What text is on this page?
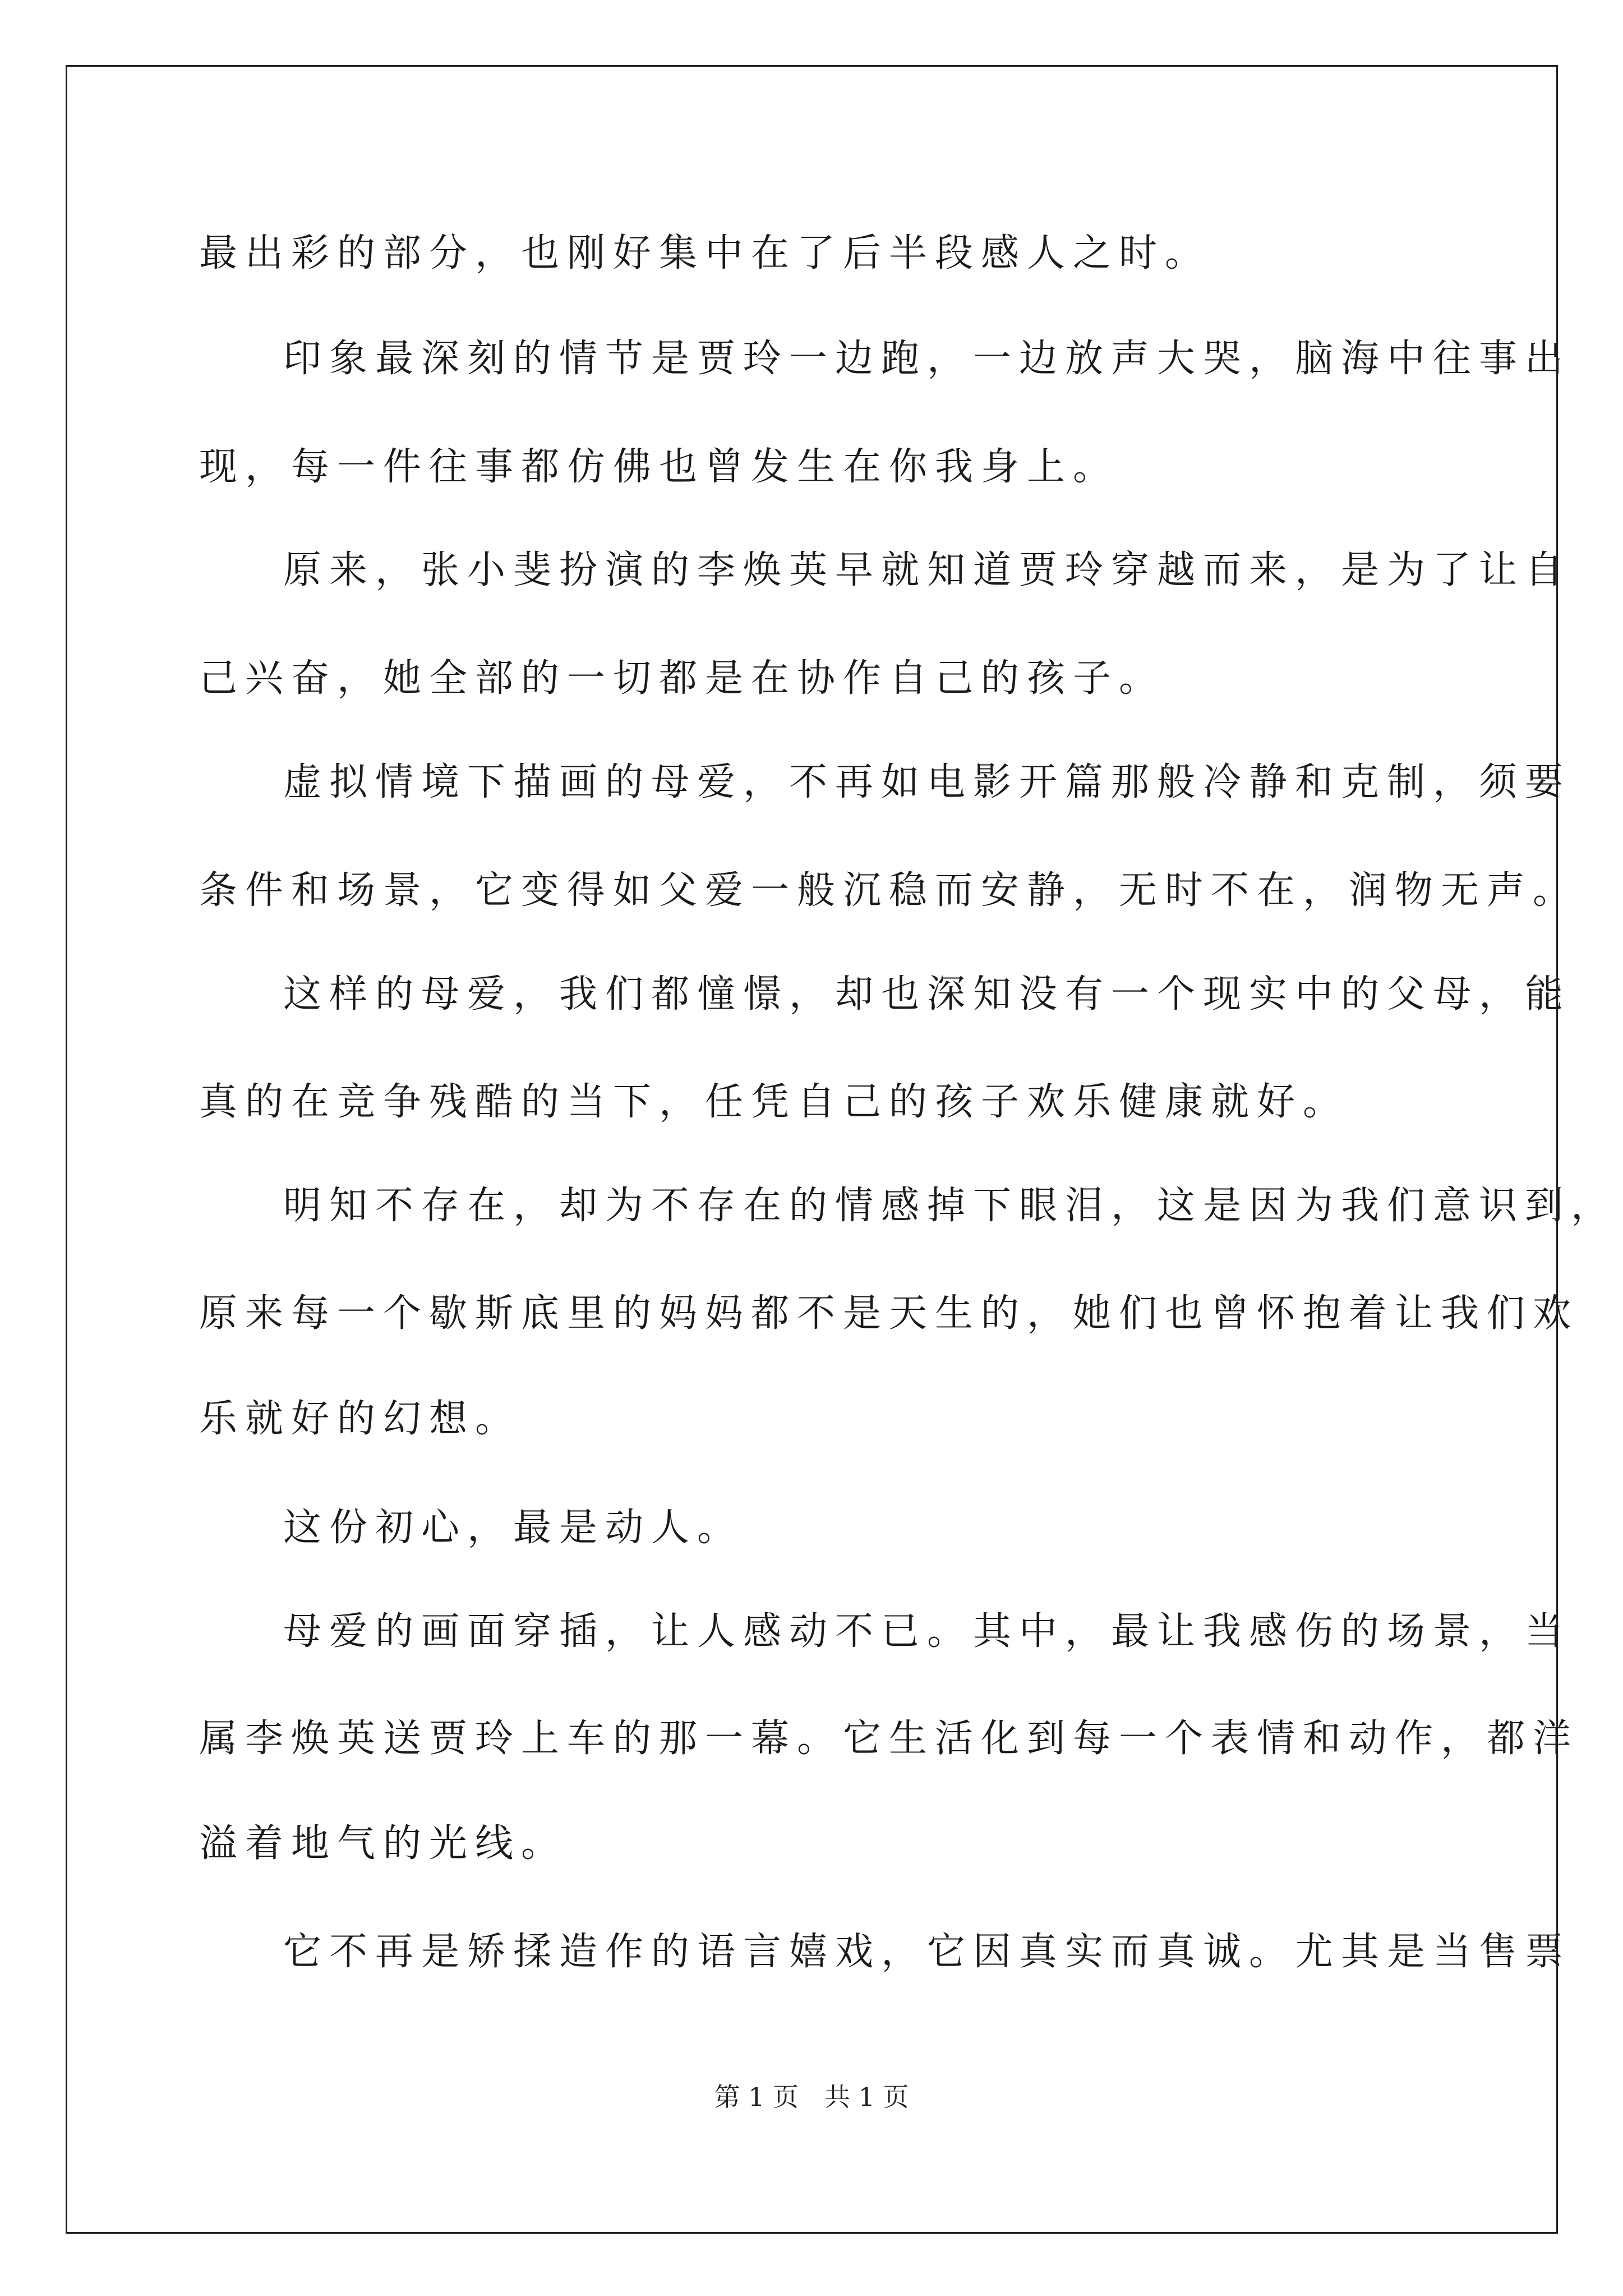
最出彩的部分，也刚好集中在了后半段感人之时。
印象最深刻的情节是贾玲一边跑，一边放声大哭，脑海中往事出
现，每一件往事都仿佛也曾发生在你我身上。
原来，张小斐扮演的李焕英早就知道贾玲穿越而来，是为了让自
己兴奋，她全部的一切都是在协作自己的孩子。
虚拟情境下描画的母爱，不再如电影开篇那般冷静和克制，须要
条件和场景，它变得如父爱一般沉稳而安静，无时不在，润物无声。
这样的母爱，我们都憧憬，却也深知没有一个现实中的父母，能
真的在竞争残酷的当下，任凭自己的孩子欢乐健康就好。
明知不存在，却为不存在的情感掉下眼泪，这是因为我们意识到，
原来每一个歇斯底里的妈妈都不是天生的，她们也曾怀抱着让我们欢
乐就好的幻想。
这份初心，最是动人。
母爱的画面穿插，让人感动不已。其中，最让我感伤的场景，当
属李焕英送贾玲上车的那一幕。它生活化到每一个表情和动作，都洋
溢着地气的光线。
它不再是矫揉造作的语言嬉戏，它因真实而真诚。尤其是当售票
第 1 页　共 1 页
